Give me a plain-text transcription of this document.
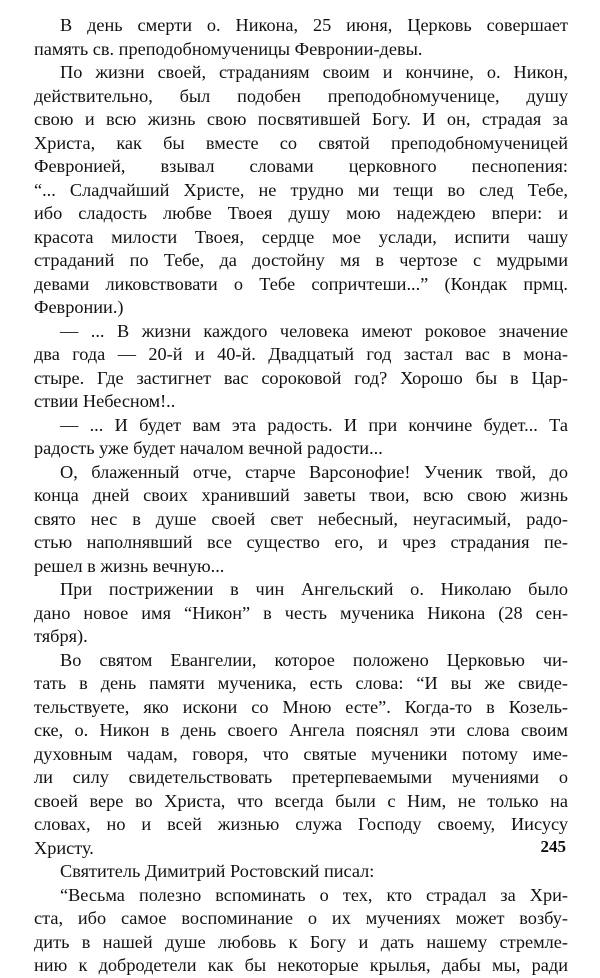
В день смерти о. Никона, 25 июня, Церковь совершает
память св. преподобномученицы Февронии-девы.

По жизни своей, страданиям своим и кончине, о. Никон,
действительно, был подобен преподобномученице, душу
свою и всю жизнь свою посвятившей Богу. И он, страдая за
Христа, как бы вместе со святой преподобномученицей
Февронией, взывал словами церковного песнопения:
“... Сладчайший Христе, не трудно ми тещи во след Тебе,
ибо сладость любве Твоея душу мою надеждею впери: и
красота милости Твоея, сердце мое услади, испити чашу
страданий по Тебе, да достойну мя в чертозе с мудрыми
девами ликовствовати о Тебе сопричтеши...” (Кондак прмц.
Февронии.)

— ... В жизни каждого человека имеют роковое значение
два года — 20-й и 40-й. Двадцатый год застал вас в мона-
стыре. Где застигнет вас сороковой год? Хорошо бы в Цар-
ствии Небесном!..

— ... И будет вам эта радость. И при кончине будет... Та
радость уже будет началом вечной радости...

О, блаженный отче, старче Варсонофие! Ученик твой, до
конца дней своих хранивший заветы твои, всю свою жизнь
свято нес в душе своей свет небесный, неугасимый, радо-
стью наполнявший все существо его, и чрез страдания пе-
решел в жизнь вечную...

При пострижении в чин Ангельский о. Николаю было
дано новое имя “Никон” в честь мученика Никона (28 сен-
тября).

Во святом Евангелии, которое положено Церковью чи-
тать в день памяти мученика, есть слова: “И вы же свиде-
тельствуете, яко искони со Мною есте”. Когда-то в Козель-
ске, о. Никон в день своего Ангела пояснял эти слова своим
духовным чадам, говоря, что святые мученики потому име-
ли силу свидетельствовать претерпеваемыми мучениями о
своей вере во Христа, что всегда были с Ним, не только на
словах, но и всей жизнью служа Господу своему, Иисусу
Христу.

Святитель Димитрий Ростовский писал:

“Весьма полезно вспоминать о тех, кто страдал за Хри-
ста, ибо самое воспоминание о их мучениях может возбу-
дить в нашей душе любовь к Богу и дать нашему стремле-
нию к добродетели как бы некоторые крылья, дабы мы, ради

245
